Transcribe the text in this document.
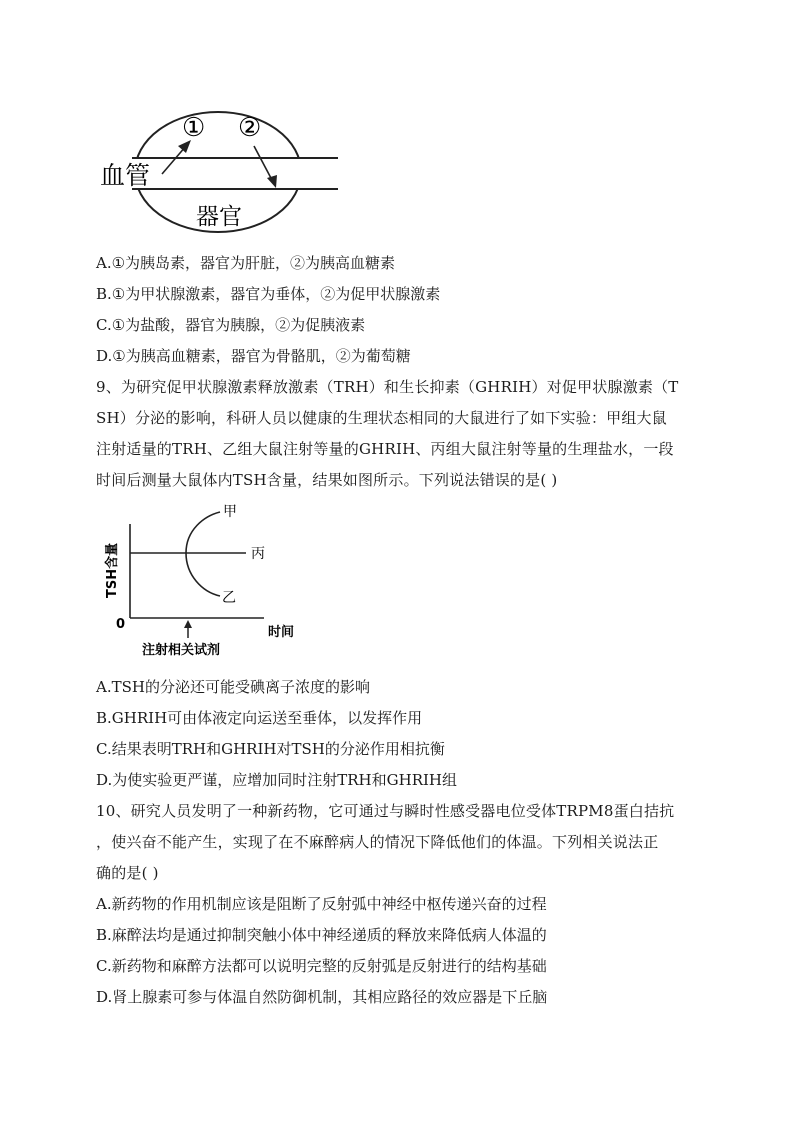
① ②
血管
器官
A.①为胰岛素，器官为肝脏，②为胰高血糖素
B.①为甲状腺激素，器官为垂体，②为促甲状腺激素
C.①为盐酸，器官为胰腺，②为促胰液素
D.①为胰高血糖素，器官为骨骼肌，②为葡萄糖
9、为研究促甲状腺激素释放激素（TRH）和生长抑素（GHRIH）对促甲状腺激素（T
SH）分泌的影响，科研人员以健康的生理状态相同的大鼠进行了如下实验：甲组大鼠
注射适量的TRH、乙组大鼠注射等量的GHRIH、丙组大鼠注射等量的生理盐水，一段
时间后测量大鼠体内TSH含量，结果如图所示。下列说法错误的是( )
TSH含量
0
时间
甲
丙
乙
注射相关试剂
A.TSH的分泌还可能受碘离子浓度的影响
B.GHRIH可由体液定向运送至垂体，以发挥作用
C.结果表明TRH和GHRIH对TSH的分泌作用相抗衡
D.为使实验更严谨，应增加同时注射TRH和GHRIH组
10、研究人员发明了一种新药物，它可通过与瞬时性感受器电位受体TRPM8蛋白拮抗
，使兴奋不能产生，实现了在不麻醉病人的情况下降低他们的体温。下列相关说法正
确的是( )
A.新药物的作用机制应该是阻断了反射弧中神经中枢传递兴奋的过程
B.麻醉法均是通过抑制突触小体中神经递质的释放来降低病人体温的
C.新药物和麻醉方法都可以说明完整的反射弧是反射进行的结构基础
D.肾上腺素可参与体温自然防御机制，其相应路径的效应器是下丘脑
